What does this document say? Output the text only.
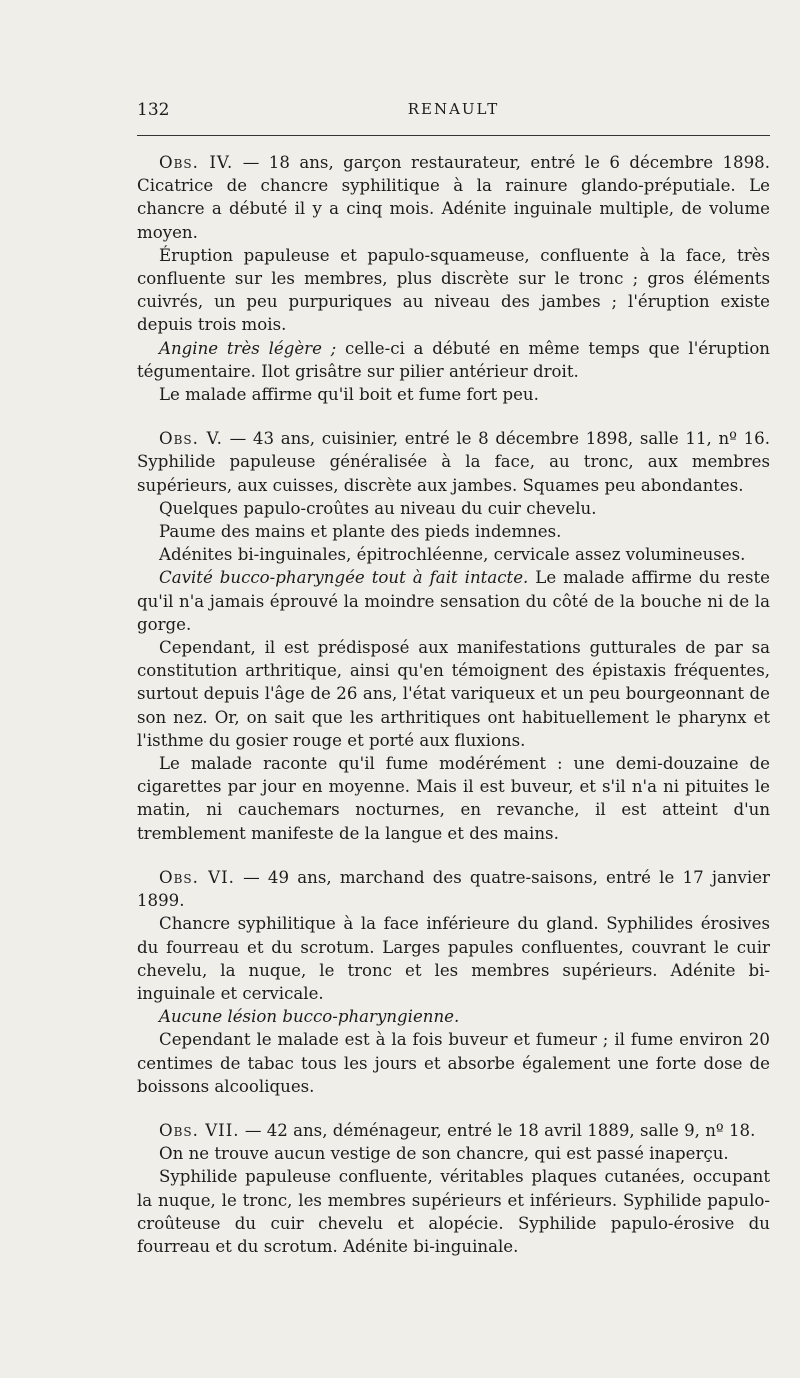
132	RENAULT

Obs. IV. — 18 ans, garçon restaurateur, entré le 6 décembre 1898. Cicatrice de chancre syphilitique à la rainure glando-préputiale. Le chancre a débuté il y a cinq mois. Adénite inguinale multiple, de volume moyen.

Éruption papuleuse et papulo-squameuse, confluente à la face, très confluente sur les membres, plus discrète sur le tronc ; gros éléments cuivrés, un peu purpuriques au niveau des jambes ; l'éruption existe depuis trois mois.

Angine très légère ; celle-ci a débuté en même temps que l'éruption tégumentaire. Ilot grisâtre sur pilier antérieur droit.

Le malade affirme qu'il boit et fume fort peu.

Obs. V. — 43 ans, cuisinier, entré le 8 décembre 1898, salle 11, nº 16. Syphilide papuleuse généralisée à la face, au tronc, aux membres supérieurs, aux cuisses, discrète aux jambes. Squames peu abondantes.

Quelques papulo-croûtes au niveau du cuir chevelu.

Paume des mains et plante des pieds indemnes.

Adénites bi-inguinales, épitrochléenne, cervicale assez volumineuses.

Cavité bucco-pharyngée tout à fait intacte. Le malade affirme du reste qu'il n'a jamais éprouvé la moindre sensation du côté de la bouche ni de la gorge.

Cependant, il est prédisposé aux manifestations gutturales de par sa constitution arthritique, ainsi qu'en témoignent des épistaxis fréquentes, surtout depuis l'âge de 26 ans, l'état variqueux et un peu bourgeonnant de son nez. Or, on sait que les arthritiques ont habituellement le pharynx et l'isthme du gosier rouge et porté aux fluxions.

Le malade raconte qu'il fume modérément : une demi-douzaine de cigarettes par jour en moyenne. Mais il est buveur, et s'il n'a ni pituites le matin, ni cauchemars nocturnes, en revanche, il est atteint d'un tremblement manifeste de la langue et des mains.

Obs. VI. — 49 ans, marchand des quatre-saisons, entré le 17 janvier 1899.

Chancre syphilitique à la face inférieure du gland. Syphilides érosives du fourreau et du scrotum. Larges papules confluentes, couvrant le cuir chevelu, la nuque, le tronc et les membres supérieurs. Adénite bi-inguinale et cervicale.

Aucune lésion bucco-pharyngienne.

Cependant le malade est à la fois buveur et fumeur ; il fume environ 20 centimes de tabac tous les jours et absorbe également une forte dose de boissons alcooliques.

Obs. VII. — 42 ans, déménageur, entré le 18 avril 1889, salle 9, nº 18.

On ne trouve aucun vestige de son chancre, qui est passé inaperçu.

Syphilide papuleuse confluente, véritables plaques cutanées, occupant la nuque, le tronc, les membres supérieurs et inférieurs. Syphilide papulo-croûteuse du cuir chevelu et alopécie. Syphilide papulo-érosive du fourreau et du scrotum. Adénite bi-inguinale.
